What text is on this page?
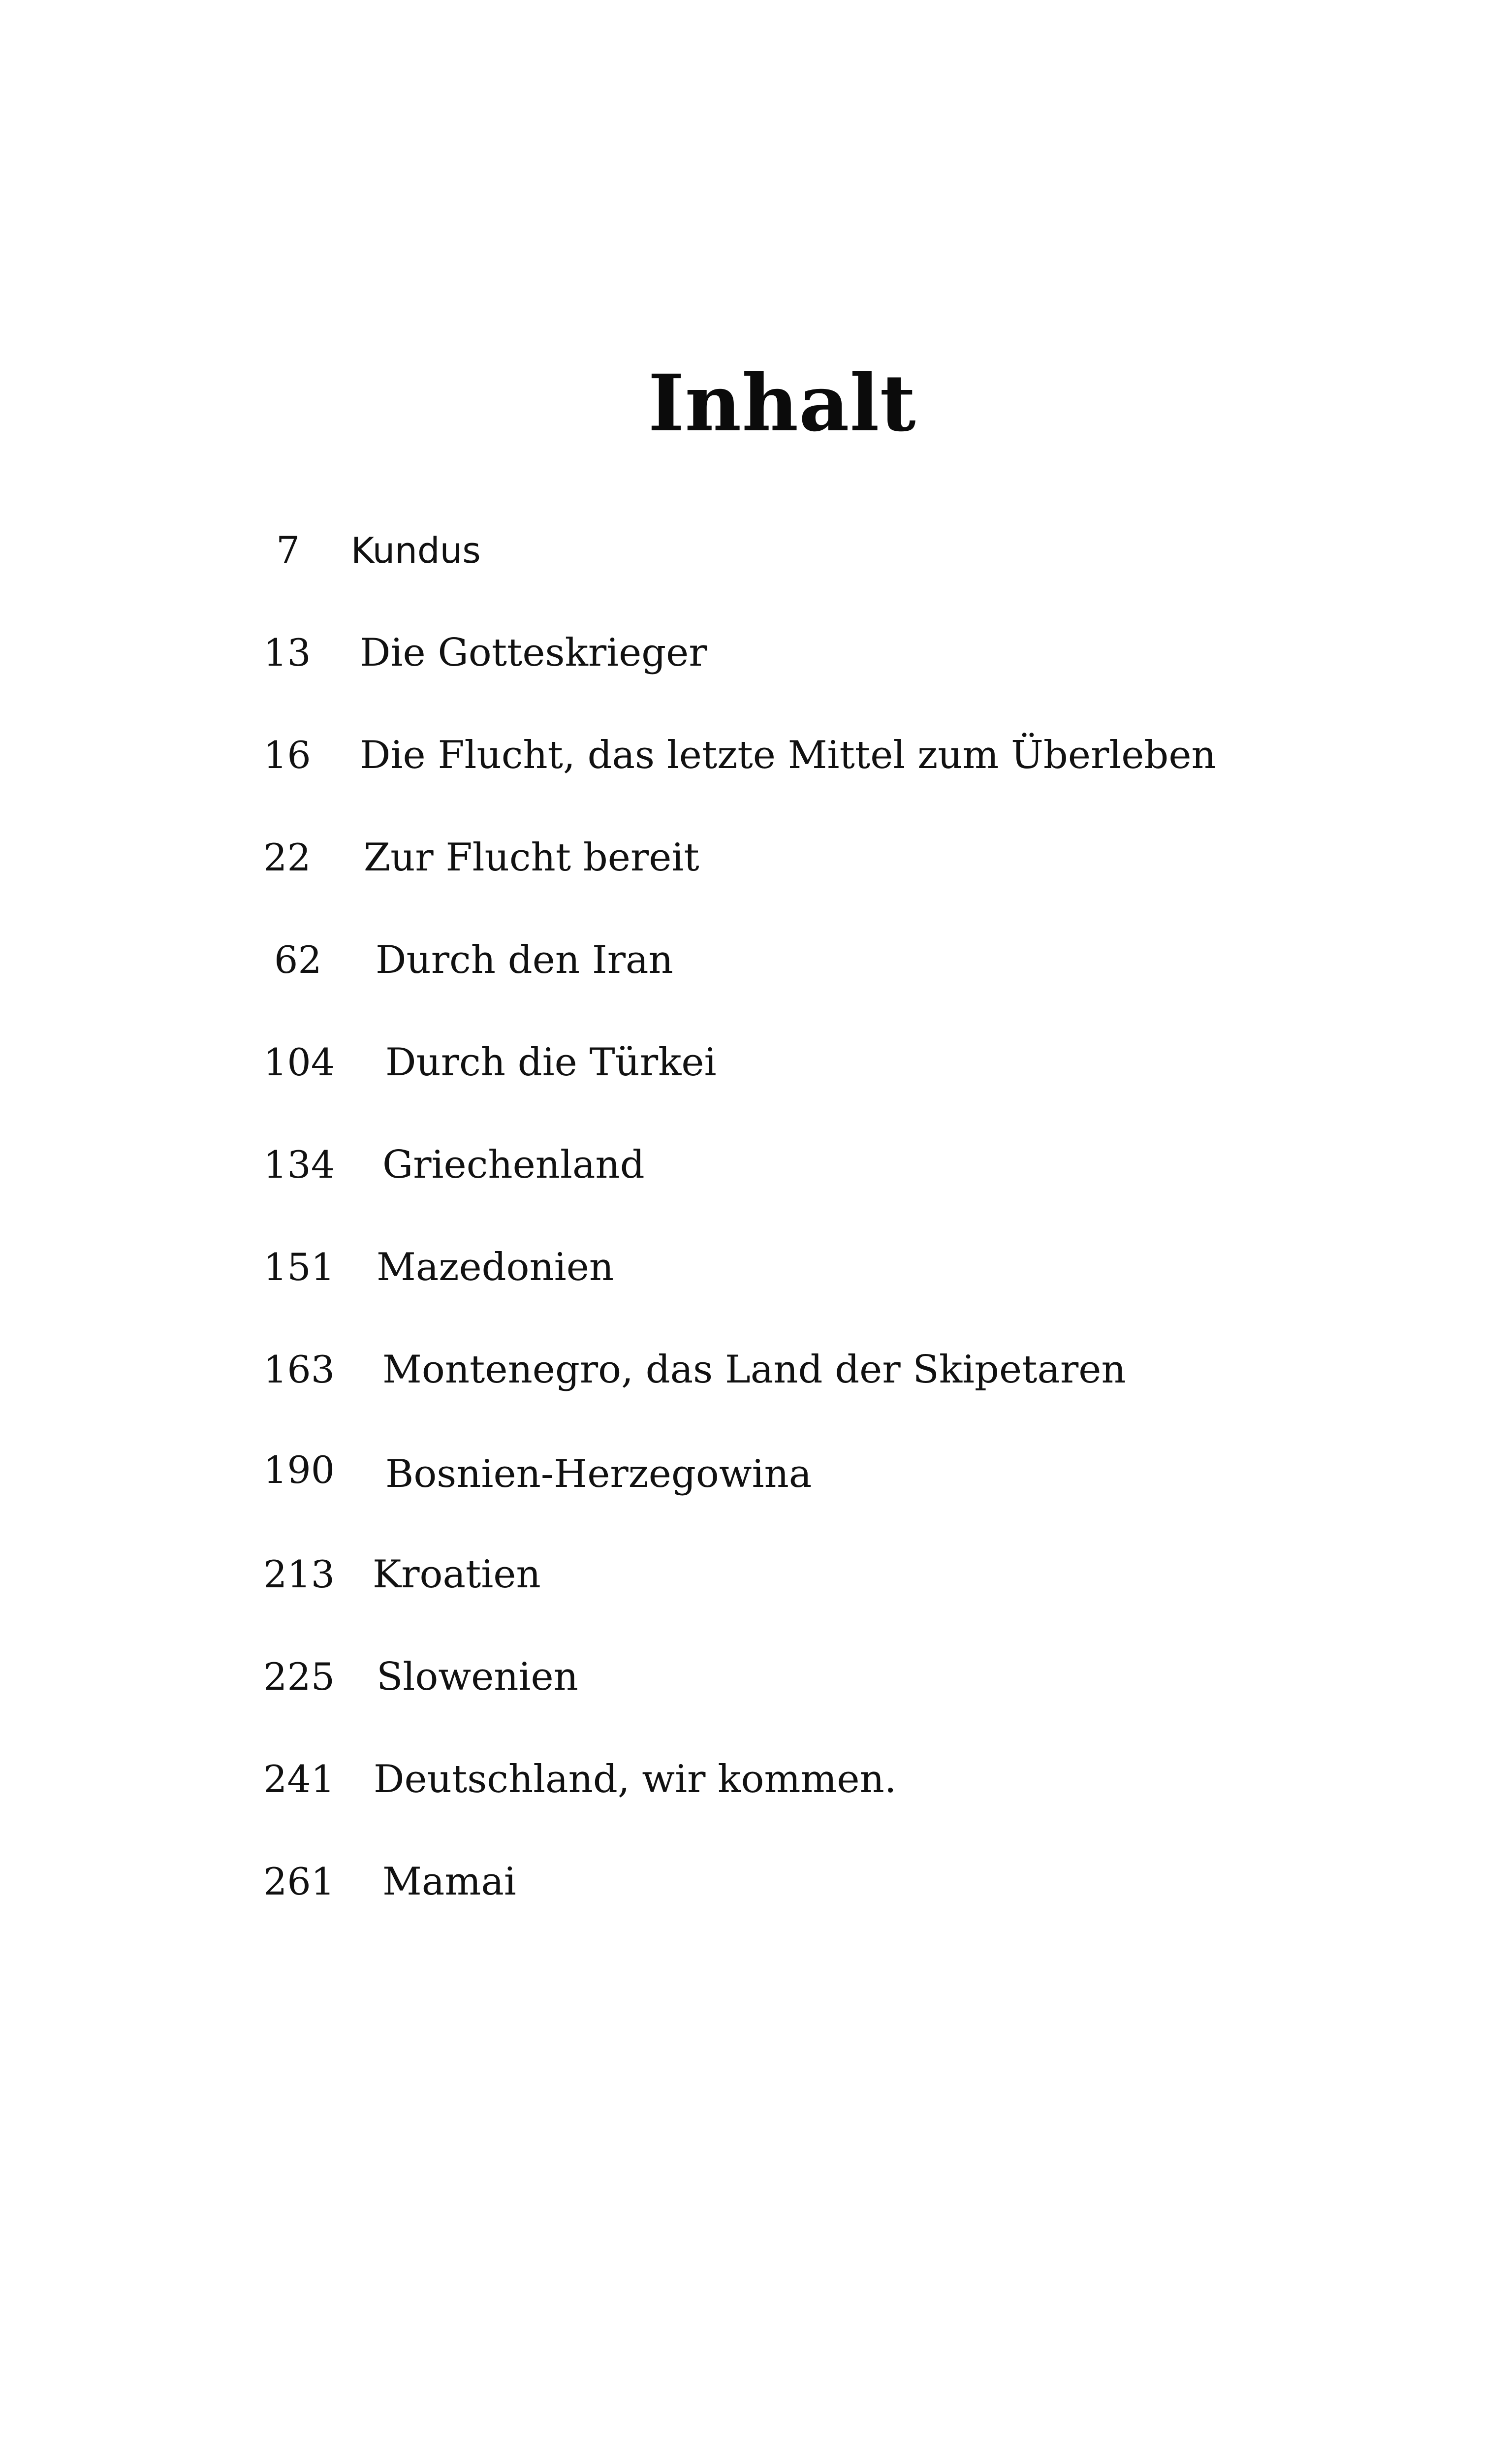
Inhalt
7 Kundus
13 Die Gotteskrieger
16 Die Flucht, das letzte Mittel zum Überleben
22 Zur Flucht bereit
62 Durch den Iran
104 Durch die Türkei
134 Griechenland
151 Mazedonien
163 Montenegro, das Land der Skipetaren
190 Bosnien-Herzegowina
213 Kroatien
225 Slowenien
241 Deutschland, wir kommen.
261 Mamai
